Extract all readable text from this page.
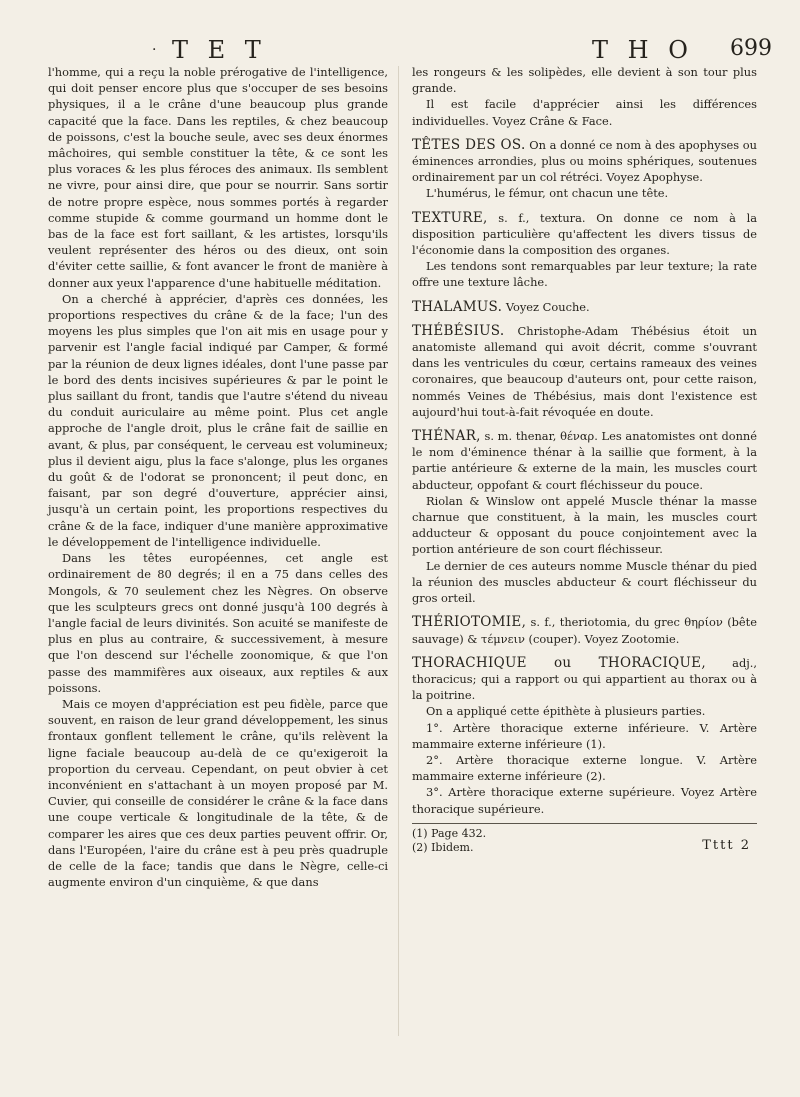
· T E T	T H O 699

l'homme, qui a reçu la noble prérogative de l'intelligence, qui doit penser encore plus que s'occuper de ses besoins physiques, il a le crâne d'une beaucoup plus grande capacité que la face. Dans les reptiles, & chez beaucoup de poissons, c'est la bouche seule, avec ses deux énormes mâchoires, qui semble constituer la tête, & ce sont les plus voraces & les plus féroces des animaux. Ils semblent ne vivre, pour ainsi dire, que pour se nourrir. Sans sortir de notre propre espèce, nous sommes portés à regarder comme stupide & comme gourmand un homme dont le bas de la face est fort saillant, & les artistes, lorsqu'ils veulent représenter des héros ou des dieux, ont soin d'éviter cette saillie, & font avancer le front de manière à donner aux yeux l'apparence d'une habituelle méditation.

On a cherché à apprécier, d'après ces données, les proportions respectives du crâne & de la face; l'un des moyens les plus simples que l'on ait mis en usage pour y parvenir est l'angle facial indiqué par Camper, & formé par la réunion de deux lignes idéales, dont l'une passe par le bord des dents incisives supérieures & par le point le plus saillant du front, tandis que l'autre s'étend du niveau du conduit auriculaire au même point. Plus cet angle approche de l'angle droit, plus le crâne fait de saillie en avant, & plus, par conséquent, le cerveau est volumineux; plus il devient aigu, plus la face s'alonge, plus les organes du goût & de l'odorat se prononcent; il peut donc, en faisant, par son degré d'ouverture, apprécier ainsi, jusqu'à un certain point, les proportions respectives du crâne & de la face, indiquer d'une manière approximative le développement de l'intelligence individuelle.

Dans les têtes européennes, cet angle est ordinairement de 80 degrés; il en a 75 dans celles des Mongols, & 70 seulement chez les Nègres. On observe que les sculpteurs grecs ont donné jusqu'à 100 degrés à l'angle facial de leurs divinités. Son acuité se manifeste de plus en plus au contraire, & successivement, à mesure que l'on descend sur l'échelle zoonomique, & que l'on passe des mammifères aux oiseaux, aux reptiles & aux poissons.

Mais ce moyen d'appréciation est peu fidèle, parce que souvent, en raison de leur grand développement, les sinus frontaux gonflent tellement le crâne, qu'ils relèvent la ligne faciale beaucoup au-delà de ce qu'exigeroit la proportion du cerveau. Cependant, on peut obvier à cet inconvénient en s'attachant à un moyen proposé par M. Cuvier, qui conseille de considérer le crâne & la face dans une coupe verticale & longitudinale de la tête, & de comparer les aires que ces deux parties peuvent offrir. Or, dans l'Européen, l'aire du crâne est à peu près quadruple de celle de la face; tandis que dans le Nègre, celle-ci augmente environ d'un cinquième, & que dans

les rongeurs & les solipèdes, elle devient à son tour plus grande.

Il est facile d'apprécier ainsi les différences individuelles. Voyez Crâne & Face.

TÊTES DES OS. On a donné ce nom à des apophyses ou éminences arrondies, plus ou moins sphériques, soutenues ordinairement par un col rétréci. Voyez Apophyse.

L'humérus, le fémur, ont chacun une tête.

TEXTURE, s. f., textura. On donne ce nom à la disposition particulière qu'affectent les divers tissus de l'économie dans la composition des organes.

Les tendons sont remarquables par leur texture; la rate offre une texture lâche.

THALAMUS. Voyez Couche.

THÉBÉSIUS. Christophe-Adam Thébésius étoit un anatomiste allemand qui avoit décrit, comme s'ouvrant dans les ventricules du cœur, certains rameaux des veines coronaires, que beaucoup d'auteurs ont, pour cette raison, nommés Veines de Thébésius, mais dont l'existence est aujourd'hui tout-à-fait révoquée en doute.

THÉNAR, s. m. thenar, θέναρ. Les anatomistes ont donné le nom d'éminence thénar à la saillie que forment, à la partie antérieure & externe de la main, les muscles court abducteur, oppofant & court fléchisseur du pouce.

Riolan & Winslow ont appelé Muscle thénar la masse charnue que constituent, à la main, les muscles court adducteur & opposant du pouce conjointement avec la portion antérieure de son court fléchisseur.

Le dernier de ces auteurs nomme Muscle thénar du pied la réunion des muscles abducteur & court fléchisseur du gros orteil.

THÉRIOTOMIE, s. f., theriotomia, du grec θηρίον (bête sauvage) & τέμνειν (couper). Voyez Zootomie.

THORACHIQUE ou THORACIQUE, adj., thoracicus; qui a rapport ou qui appartient au thorax ou à la poitrine.

On a appliqué cette épithète à plusieurs parties.

1°. Artère thoracique externe inférieure. V. Artère mammaire externe inférieure (1).

2°. Artère thoracique externe longue. V. Artère mammaire externe inférieure (2).

3°. Artère thoracique externe supérieure. Voyez Artère thoracique supérieure.

(1) Page 432.

(2) Ibidem.	Tttt 2
